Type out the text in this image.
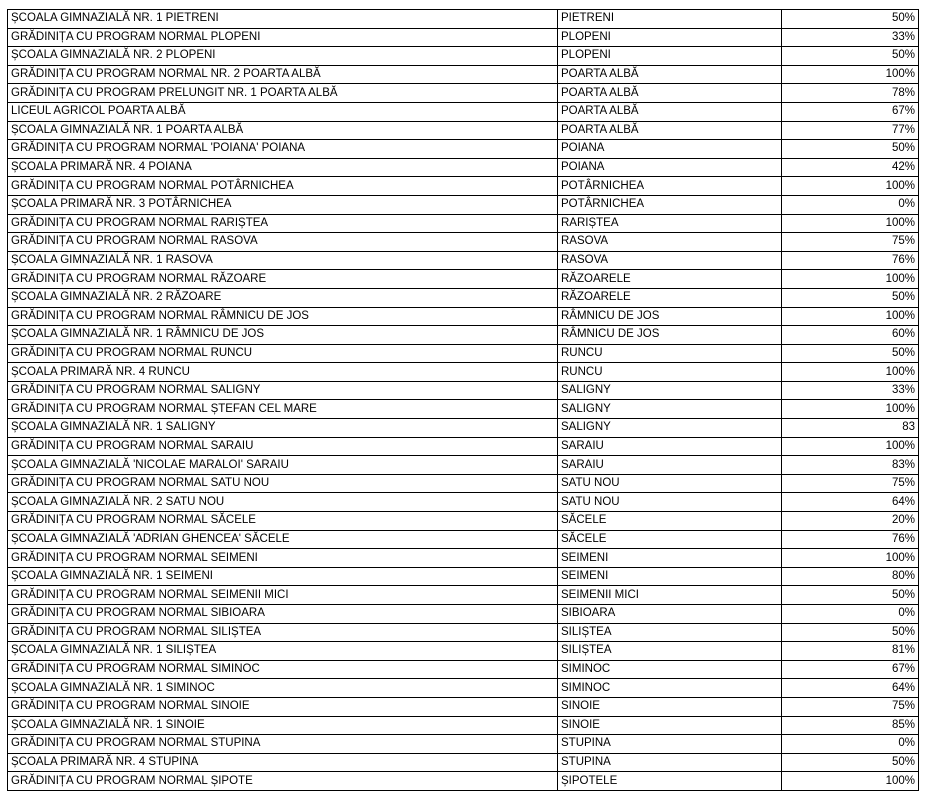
ȘCOALA GIMNAZIALĂ NR. 1 PIETRENI	PIETRENI	50%
GRĂDINIȚA CU PROGRAM NORMAL PLOPENI	PLOPENI	33%
ȘCOALA GIMNAZIALĂ NR. 2 PLOPENI	PLOPENI	50%
GRĂDINIȚA CU PROGRAM NORMAL NR. 2 POARTA ALBĂ	POARTA ALBĂ	100%
GRĂDINIȚA CU PROGRAM PRELUNGIT NR. 1 POARTA ALBĂ	POARTA ALBĂ	78%
LICEUL AGRICOL POARTA ALBĂ	POARTA ALBĂ	67%
ȘCOALA GIMNAZIALĂ NR. 1 POARTA ALBĂ	POARTA ALBĂ	77%
GRĂDINIȚA CU PROGRAM NORMAL 'POIANA' POIANA	POIANA	50%
ȘCOALA PRIMARĂ NR. 4 POIANA	POIANA	42%
GRĂDINIȚA CU PROGRAM NORMAL POTÂRNICHEA	POTÂRNICHEA	100%
ȘCOALA PRIMARĂ NR. 3 POTÂRNICHEA	POTÂRNICHEA	0%
GRĂDINIȚA CU PROGRAM NORMAL RARIȘTEA	RARIȘTEA	100%
GRĂDINIȚA CU PROGRAM NORMAL RASOVA	RASOVA	75%
ȘCOALA GIMNAZIALĂ NR. 1 RASOVA	RASOVA	76%
GRĂDINIȚA CU PROGRAM NORMAL RĂZOARE	RĂZOARELE	100%
ȘCOALA GIMNAZIALĂ NR. 2 RĂZOARE	RĂZOARELE	50%
GRĂDINIȚA CU PROGRAM NORMAL RÂMNICU DE JOS	RÂMNICU DE JOS	100%
ȘCOALA GIMNAZIALĂ NR. 1 RÂMNICU DE JOS	RÂMNICU DE JOS	60%
GRĂDINIȚA CU PROGRAM NORMAL RUNCU	RUNCU	50%
ȘCOALA PRIMARĂ NR. 4 RUNCU	RUNCU	100%
GRĂDINIȚA CU PROGRAM NORMAL SALIGNY	SALIGNY	33%
GRĂDINIȚA CU PROGRAM NORMAL ȘTEFAN CEL MARE	SALIGNY	100%
ȘCOALA GIMNAZIALĂ NR. 1 SALIGNY	SALIGNY	83
GRĂDINIȚA CU PROGRAM NORMAL SARAIU	SARAIU	100%
ȘCOALA GIMNAZIALĂ 'NICOLAE MARALOI' SARAIU	SARAIU	83%
GRĂDINIȚA CU PROGRAM NORMAL SATU NOU	SATU NOU	75%
ȘCOALA GIMNAZIALĂ NR. 2 SATU NOU	SATU NOU	64%
GRĂDINIȚA CU PROGRAM NORMAL SĂCELE	SĂCELE	20%
ȘCOALA GIMNAZIALĂ 'ADRIAN GHENCEA' SĂCELE	SĂCELE	76%
GRĂDINIȚA CU PROGRAM NORMAL SEIMENI	SEIMENI	100%
ȘCOALA GIMNAZIALĂ NR. 1 SEIMENI	SEIMENI	80%
GRĂDINIȚA CU PROGRAM NORMAL SEIMENII MICI	SEIMENII MICI	50%
GRĂDINIȚA CU PROGRAM NORMAL SIBIOARA	SIBIOARA	0%
GRĂDINIȚA CU PROGRAM NORMAL SILIȘTEA	SILIȘTEA	50%
ȘCOALA GIMNAZIALĂ NR. 1 SILIȘTEA	SILIȘTEA	81%
GRĂDINIȚA CU PROGRAM NORMAL SIMINOC	SIMINOC	67%
ȘCOALA GIMNAZIALĂ NR. 1 SIMINOC	SIMINOC	64%
GRĂDINIȚA CU PROGRAM NORMAL SINOIE	SINOIE	75%
ȘCOALA GIMNAZIALĂ NR. 1 SINOIE	SINOIE	85%
GRĂDINIȚA CU PROGRAM NORMAL STUPINA	STUPINA	0%
ȘCOALA PRIMARĂ NR. 4 STUPINA	STUPINA	50%
GRĂDINIȚA CU PROGRAM NORMAL ȘIPOTE	ȘIPOTELE	100%
